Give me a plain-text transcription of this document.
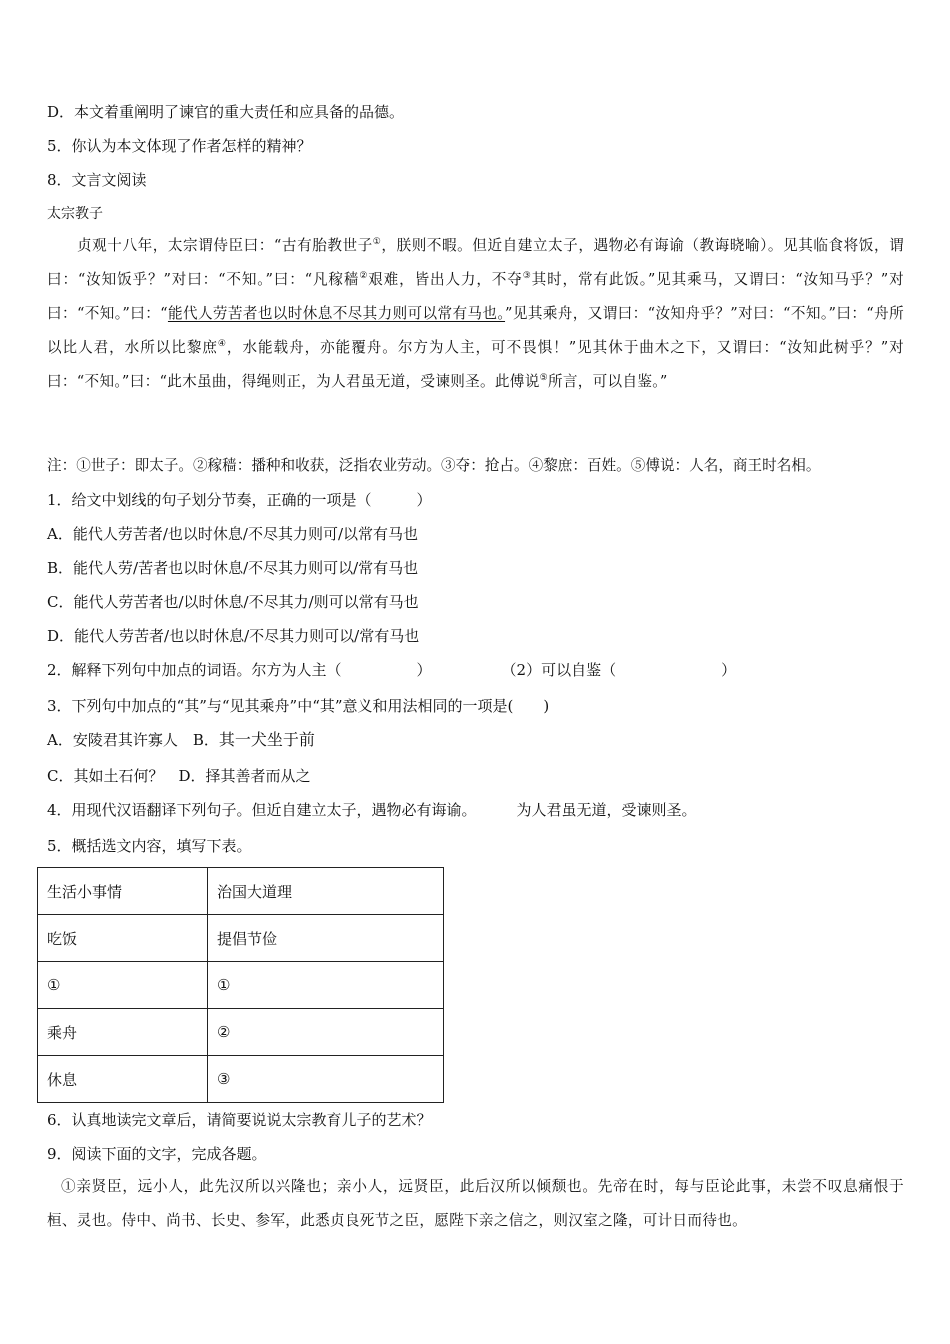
D．本文着重阐明了谏官的重大责任和应具备的品德。

5．你认为本文体现了作者怎样的精神？

8．文言文阅读

太宗教子

贞观十八年，太宗谓侍臣曰：“古有胎教世子①，朕则不暇。但近自建立太子，遇物必有诲谕（教诲晓喻）。见其临食将饭，谓曰：“汝知饭乎？”对曰：“不知。”曰：“凡稼穑②艰难，皆出人力，不夺③其时，常有此饭。”见其乘马，又谓曰：“汝知马乎？”对曰：“不知。”曰：“能代人劳苦者也以时休息不尽其力则可以常有马也。”见其乘舟，又谓曰：“汝知舟乎？”对曰：“不知。”曰：“舟所以比人君，水所以比黎庶④，水能载舟，亦能覆舟。尔方为人主，可不畏惧！”见其休于曲木之下，又谓曰：“汝知此树乎？”对曰：“不知。”曰：“此木虽曲，得绳则正，为人君虽无道，受谏则圣。此傅说⑤所言，可以自鉴。”

注：①世子：即太子。②稼穑：播种和收获，泛指农业劳动。③夺：抢占。④黎庶：百姓。⑤傅说：人名，商王时名相。

1．给文中划线的句子划分节奏，正确的一项是（　　　）

A．能代人劳苦者/也以时休息/不尽其力则可/以常有马也

B．能代人劳/苦者也以时休息/不尽其力则可以/常有马也

C．能代人劳苦者也/以时休息/不尽其力/则可以常有马也

D．能代人劳苦者/也以时休息/不尽其力则可以/常有马也

2．解释下列句中加点的词语。尔方为人主（　　　　　）	（2）可以自鉴（　　　　　　　）

3．下列句中加点的“其”与“见其乘舟”中“其”意义和用法相同的一项是(　　)

A．安陵君其许寡人　B．其一犬坐于前

C．其如土石何？　D．择其善者而从之

4．用现代汉语翻译下列句子。但近自建立太子，遇物必有诲谕。	为人君虽无道，受谏则圣。

5．概括选文内容，填写下表。

生活小事情	治国大道理
吃饭	提倡节俭
①	①
乘舟	②
休息	③

6．认真地读完文章后，请简要说说太宗教育儿子的艺术？

9．阅读下面的文字，完成各题。

①亲贤臣，远小人，此先汉所以兴隆也；亲小人，远贤臣，此后汉所以倾颓也。先帝在时，每与臣论此事，未尝不叹息痛恨于桓、灵也。侍中、尚书、长史、参军，此悉贞良死节之臣，愿陛下亲之信之，则汉室之隆，可计日而待也。
